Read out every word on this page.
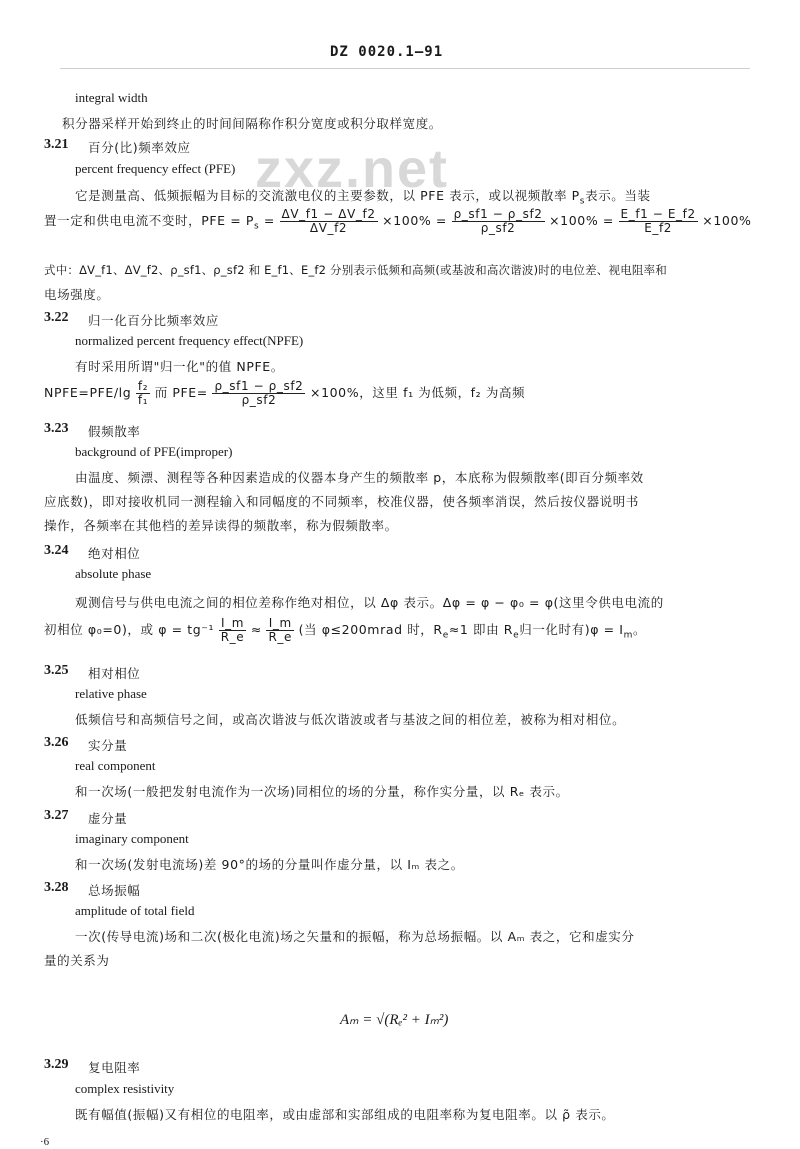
zxz.net
DZ 0020.1—91
integral width
积分器采样开始到终止的时间间隔称作积分宽度或积分取样宽度。
3.21 百分(比)频率效应
percent frequency effect (PFE)
它是测量高、低频振幅为目标的交流激电仪的主要参数，以 PFE 表示，或以视频散率 $P_s$表示。当装
置一定和供电电流不变时，PFE = $P_s = \frac{\Delta V\_f1 - \Delta V\_f2}{\Delta V\_f2} \times 100\% = \frac{\rho\_sf1 - \rho\_sf2}{\rho\_sf2} \times 100\% = \frac{E\_f1 - E\_f2}{E\_f2} \times 100\%$
式中：ΔV_f1、ΔV_f2、ρ_sf1、ρ_sf2 和 E_f1、E_f2 分别表示低频和高频(或基波和高次谐波)时的电位差、视电阻率和
电场强度。
3.22 归一化百分比频率效应
normalized percent frequency effect(NPFE)
有时采用所谓"归一化"的值 NPFE。
NPFE=PFE/lg $\frac{\text{f₂}}{\text{f₁}}$ 而 $PFE= \frac{\rho\_sf1 - \rho\_sf2}{\rho\_sf2} \times 100\%$，这里 f₁ 为低频，f₂ 为高频
3.23 假频散率
background of PFE(improper)
由温度、频漂、测程等各种因素造成的仪器本身产生的频散率 p，本底称为假频散率(即百分频率效
应底数)，即对接收机同一测程输入和同幅度的不同频率，校准仪器，使各频率消误，然后按仪器说明书
操作，各频率在其他档的差异读得的频散率，称为假频散率。
3.24 绝对相位
absolute phase
观测信号与供电电流之间的相位差称作绝对相位，以 Δφ 表示。Δφ = φ − φ₀ = φ(这里令供电电流的
初相位 φ₀=0)，或 $\varphi = tg^{-1} \frac{I\_m}{R\_e} \approx \frac{I\_m}{R\_e}$ (当 φ≤200mrad 时，$R_e\approx 1$ 即由 $R_e$归一化时有)$\varphi = I_m$。
3.25 相对相位
relative phase
低频信号和高频信号之间，或高次谐波与低次谐波或者与基波之间的相位差，被称为相对相位。
3.26 实分量
real component
和一次场(一般把发射电流作为一次场)同相位的场的分量，称作实分量，以 Rₑ 表示。
3.27 虚分量
imaginary component
和一次场(发射电流场)差 90°的场的分量叫作虚分量，以 Iₘ 表之。
3.28 总场振幅
amplitude of total field
一次(传导电流)场和二次(极化电流)场之矢量和的振幅，称为总场振幅。以 Aₘ 表之，它和虚实分
量的关系为
Aₘ = √(Rₑ² + Iₘ²)
3.29 复电阻率
complex resistivity
既有幅值(振幅)又有相位的电阻率，或由虚部和实部组成的电阻率称为复电阻率。以 ρ̃ 表示。
·6
